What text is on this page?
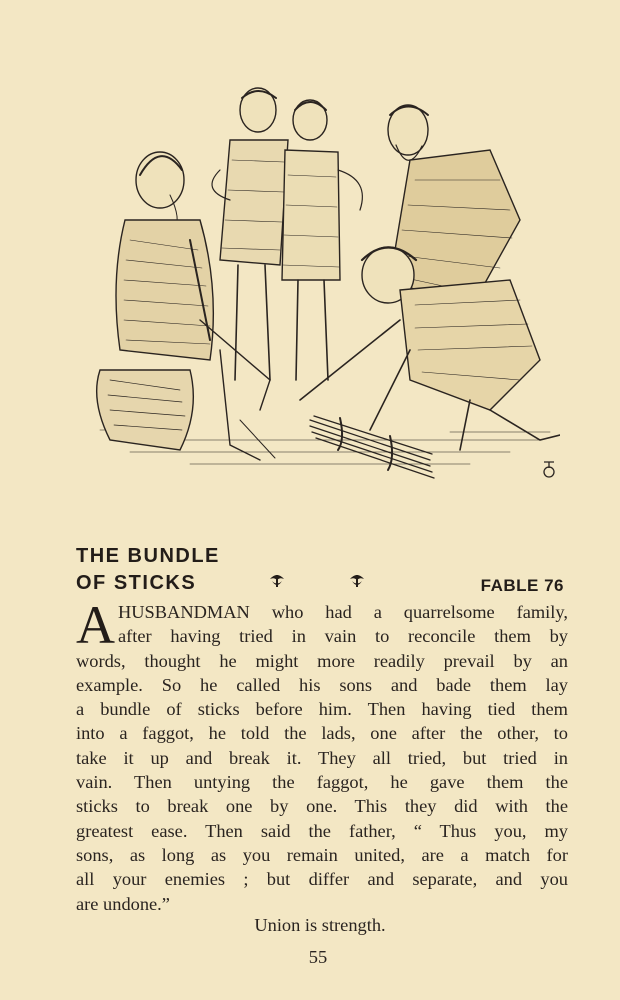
THE BUNDLE
OF STICKS	FABLE 76
A HUSBANDMAN who had a quarrelsome family,
after having tried in vain to reconcile them by
words, thought he might more readily prevail by an
example. So he called his sons and bade them lay
a bundle of sticks before him. Then having tied them
into a faggot, he told the lads, one after the other, to
take it up and break it. They all tried, but tried in
vain. Then untying the faggot, he gave them the
sticks to break one by one. This they did with the
greatest ease. Then said the father, “ Thus you, my
sons, as long as you remain united, are a match for
all your enemies ; but differ and separate, and you
are undone.”
Union is strength.
55
